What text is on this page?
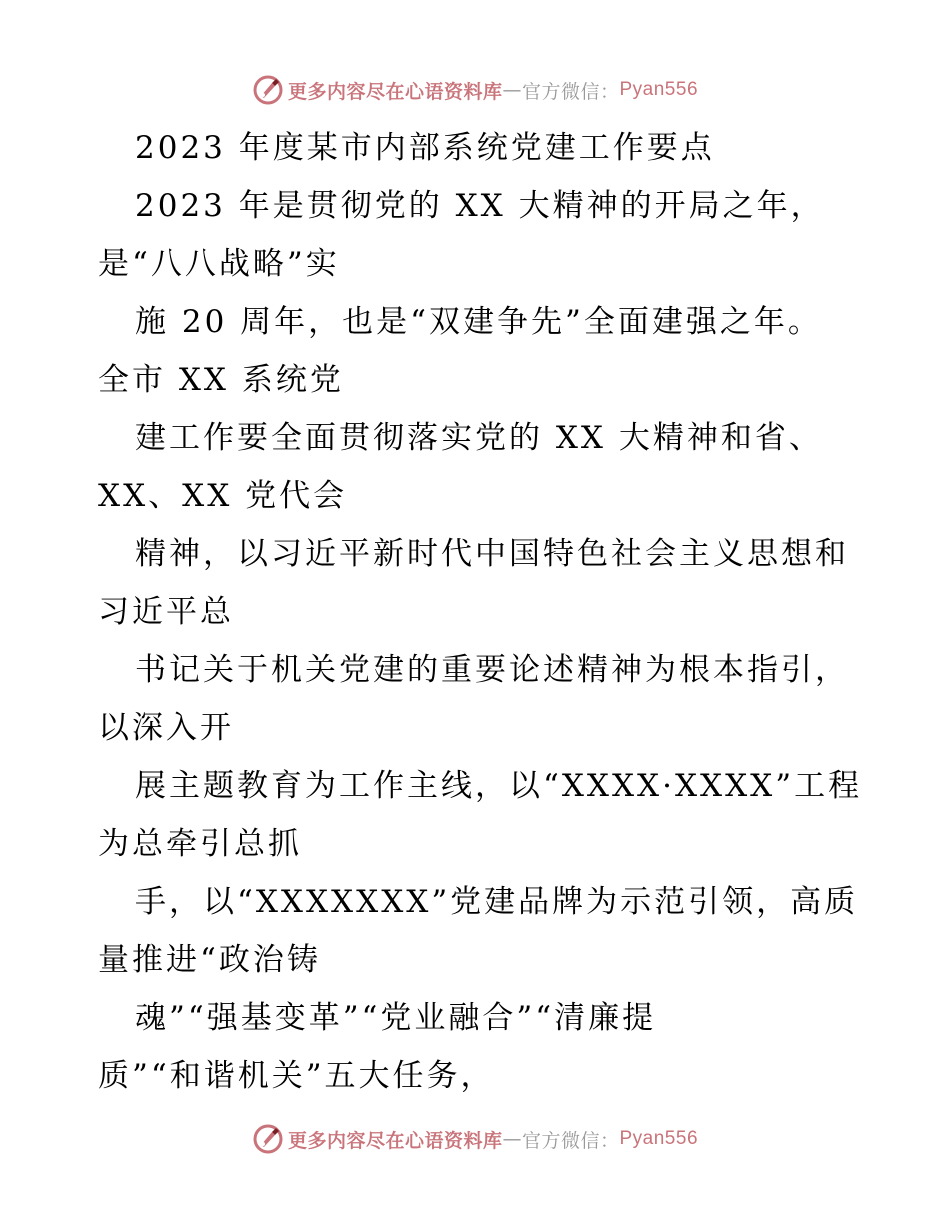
更多内容尽在心语资料库 — 官方微信： Pyan556
2023 年度某市内部系统党建工作要点
2023 年是贯彻党的 XX 大精神的开局之年，
是“八八战略”实
施 20 周年，也是“双建争先”全面建强之年。
全市 XX 系统党
建工作要全面贯彻落实党的 XX 大精神和省、
XX、XX 党代会
精神，以习近平新时代中国特色社会主义思想和
习近平总
书记关于机关党建的重要论述精神为根本指引，
以深入开
展主题教育为工作主线，以“XXXX·XXXX”工程
为总牵引总抓
手，以“XXXXXXX”党建品牌为示范引领，高质
量推进“政治铸
魂”“强基变革”“党业融合”“清廉提
质”“和谐机关”五大任务，
更多内容尽在心语资料库 — 官方微信： Pyan556
